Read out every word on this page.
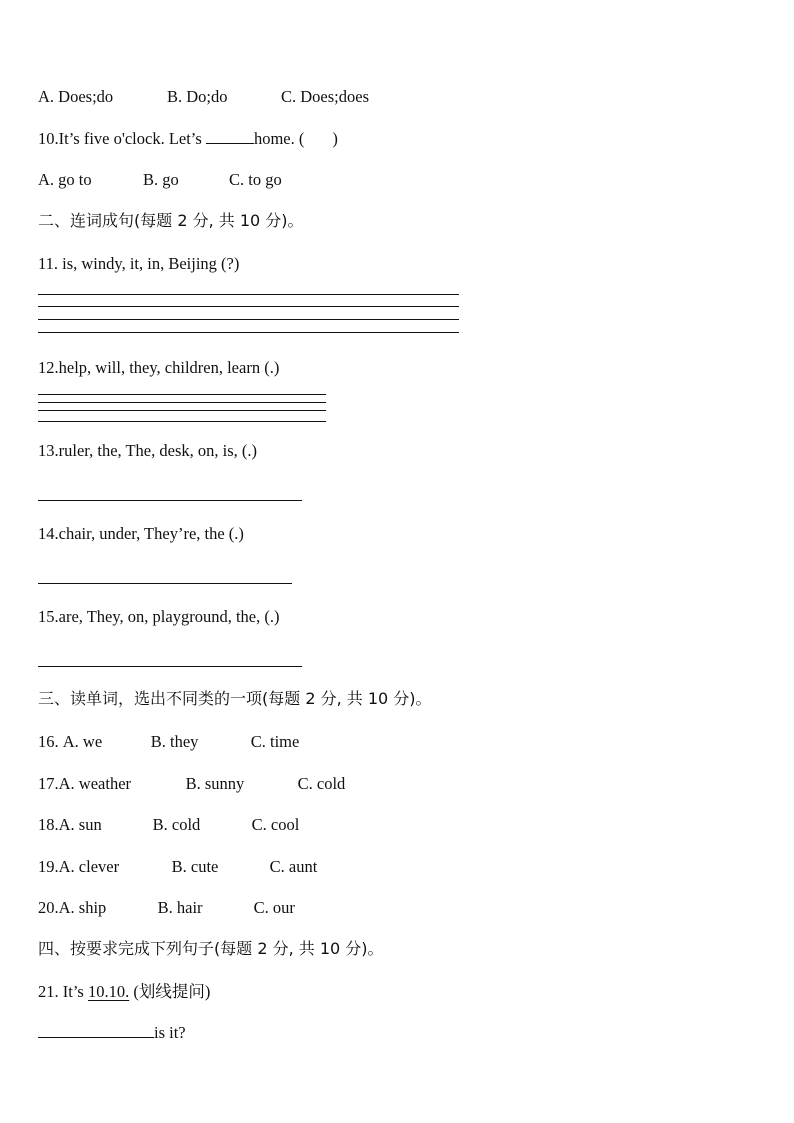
A. Does;do	B. Do;do	C. Does;does
10.It’s five o'clock. Let’s	home. ( )
A. go to	B. go	C. to go
二、连词成句(每题 2 分, 共 10 分)。
11. is, windy, it, in, Beijing (?)
12.help, will, they, children, learn (.)
13.ruler, the, The, desk, on, is, (.)
14.chair, under, They’re, the (.)
15.are, They, on, playground, the, (.)
三、读单词，选出不同类的一项(每题 2 分, 共 10 分)。
16. A. we	B. they	C. time
17.A. weather	B. sunny	C. cold
18.A. sun	B. cold	C. cool
19.A. clever	B. cute	C. aunt
20.A. ship	B. hair	C. our
四、按要求完成下列句子(每题 2 分, 共 10 分)。
21. It’s 10.10. (划线提问)
is it?
